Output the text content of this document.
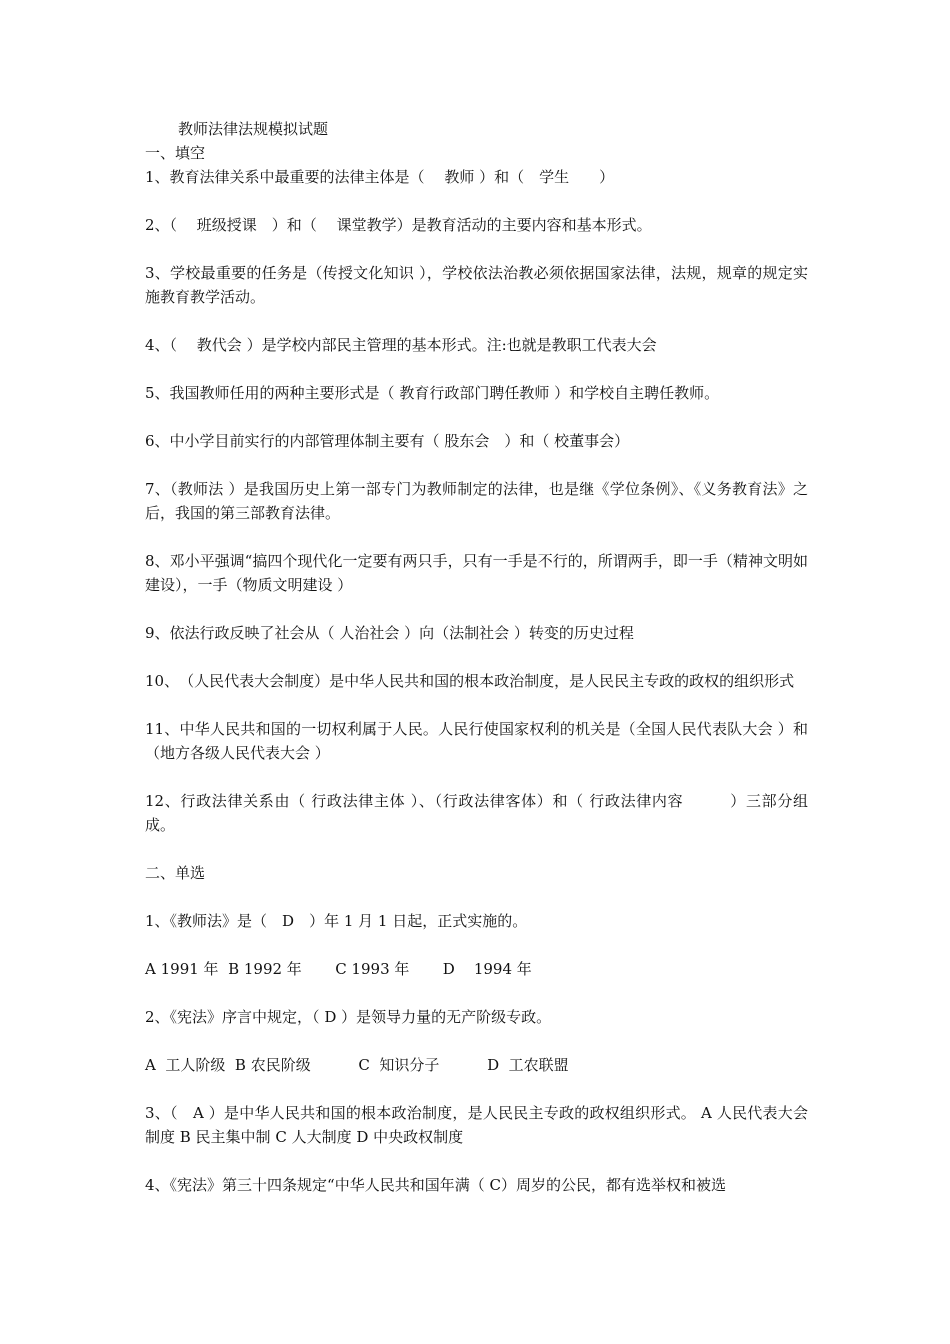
教师法律法规模拟试题
一、填空

1、教育法律关系中最重要的法律主体是（　 教师 ）和（　学生　　）

2、（　 班级授课　）和（　 课堂教学）是教育活动的主要内容和基本形式。

3、学校最重要的任务是（传授文化知识 ），学校依法治教必须依据国家法律，法规，规章的规定实施教育教学活动。

4、（　 教代会 ）是学校内部民主管理的基本形式。注:也就是教职工代表大会

5、我国教师任用的两种主要形式是（ 教育行政部门聘任教师 ）和学校自主聘任教师。

6、中小学目前实行的内部管理体制主要有（ 股东会　）和（ 校董事会）

7、（教师法 ）是我国历史上第一部专门为教师制定的法律，也是继《学位条例》、《义务教育法》之后，我国的第三部教育法律。

8、邓小平强调“搞四个现代化一定要有两只手，只有一手是不行的，所谓两手，即一手（精神文明如建设），一手（物质文明建设 ）

9、依法行政反映了社会从（ 人治社会 ）向（法制社会 ）转变的历史过程

10、　（人民代表大会制度）是中华人民共和国的根本政治制度，是人民民主专政的政权的组织形式

11、中华人民共和国的一切权利属于人民。人民行使国家权利的机关是（全国人民代表队大会 ）和（地方各级人民代表大会 ）

12、行政法律关系由（ 行政法律主体 ）、（行政法律客体）和（ 行政法律内容　　　）三部分组成。

二、单选

1、《教师法》是（　D　）年 1 月 1 日起，正式实施的。

A 1991 年  B 1992 年       C 1993 年       D    1994 年

2、《宪法》序言中规定，（ D ）是领导力量的无产阶级专政。

A  工人阶级  B 农民阶级          C  知识分子          D  工农联盟

3、（　A ）是中华人民共和国的根本政治制度，是人民民主专政的政权组织形式。 A 人民代表大会制度 B 民主集中制 C 人大制度 D 中央政权制度

4、《宪法》第三十四条规定“中华人民共和国年满（ C）周岁的公民，都有选举权和被选
